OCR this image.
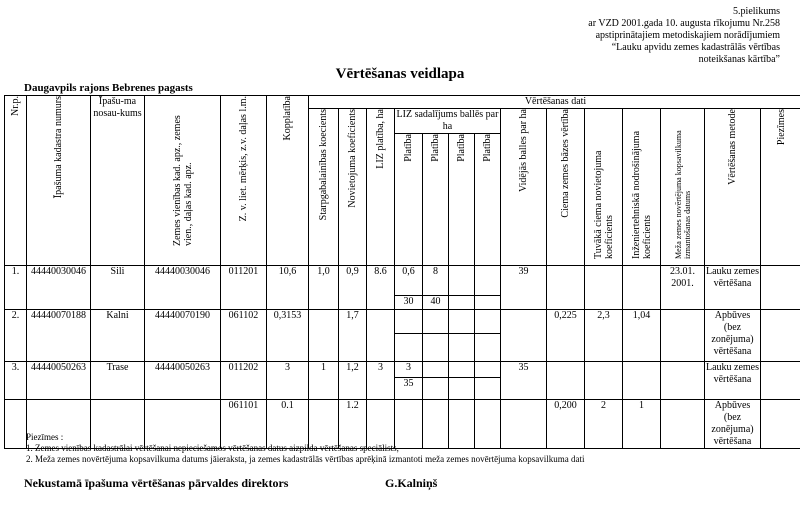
5.pielikums
ar VZD 2001.gada 10. augusta rīkojumu Nr.258
apstiprinātajiem metodiskajiem norādījumiem
“Lauku apvidu zemes kadastrālās vērtības
noteikšanas kārtība”
Vērtēšanas veidlapa
Daugavpils rajons Bebrenes pagasts
Nr.p.	Īpašuma kadastra numurs	Īpašu-ma nosau-kums	Zemes vienības kad. apz., zemes vien., daļas kad. apz.	Z. v. liet. mērķis, z.v. daļas l.m.	Kopplatība	Vērtēšanas dati													
						Starpgabalainības koecients	Novietojuma koeficients	LIZ platība, ha	LIZ sadalījums ballēs par ha				Vidējās balles par ha	Ciema zemes bāzes vērtība	Tuvākā ciema novietojuma koeficients	Inženiertehniskā nodrošinājuma koeficients	Meža zemes novērtējuma kopsavilkuma izmantošanas datums	Vērtēšanas metode	Piezīmes
									Platība	Platība	Platība	Platība							
1.	44440030046	Sili	44440030046	011201	10,6	1,0	0,9	8.6	0,6	8			39				23.01. 2001.	Lauku zemes vērtēšana	
									30	40									
2.	44440070188	Kalni	44440070190	061102	0,3153		1,7							0,225	2,3	1,04		Apbūves (bez zonējuma) vērtēšana	

3.	44440050263	Trase	44440050263	011202	3	1	1,2	3	3				35					Lauku zemes vērtēšana	
									35										
				061101	0.1		1.2							0,200	2	1		Apbūves (bez zonējuma) vērtēšana	
Piezīmes :
1. Zemes vienības kadastrālai vērtēšanai nepieciešamos vērtēšanas datus aizpilda vērtēšanas speciālists,
2. Meža zemes novērtējuma kopsavilkuma datums jāieraksta, ja zemes kadastrālās vērtības aprēķinā izmantoti meža zemes novērtējuma kopsavilkuma dati
Nekustamā īpašuma vērtēšanas pārvaldes direktors	G.Kalniņš
